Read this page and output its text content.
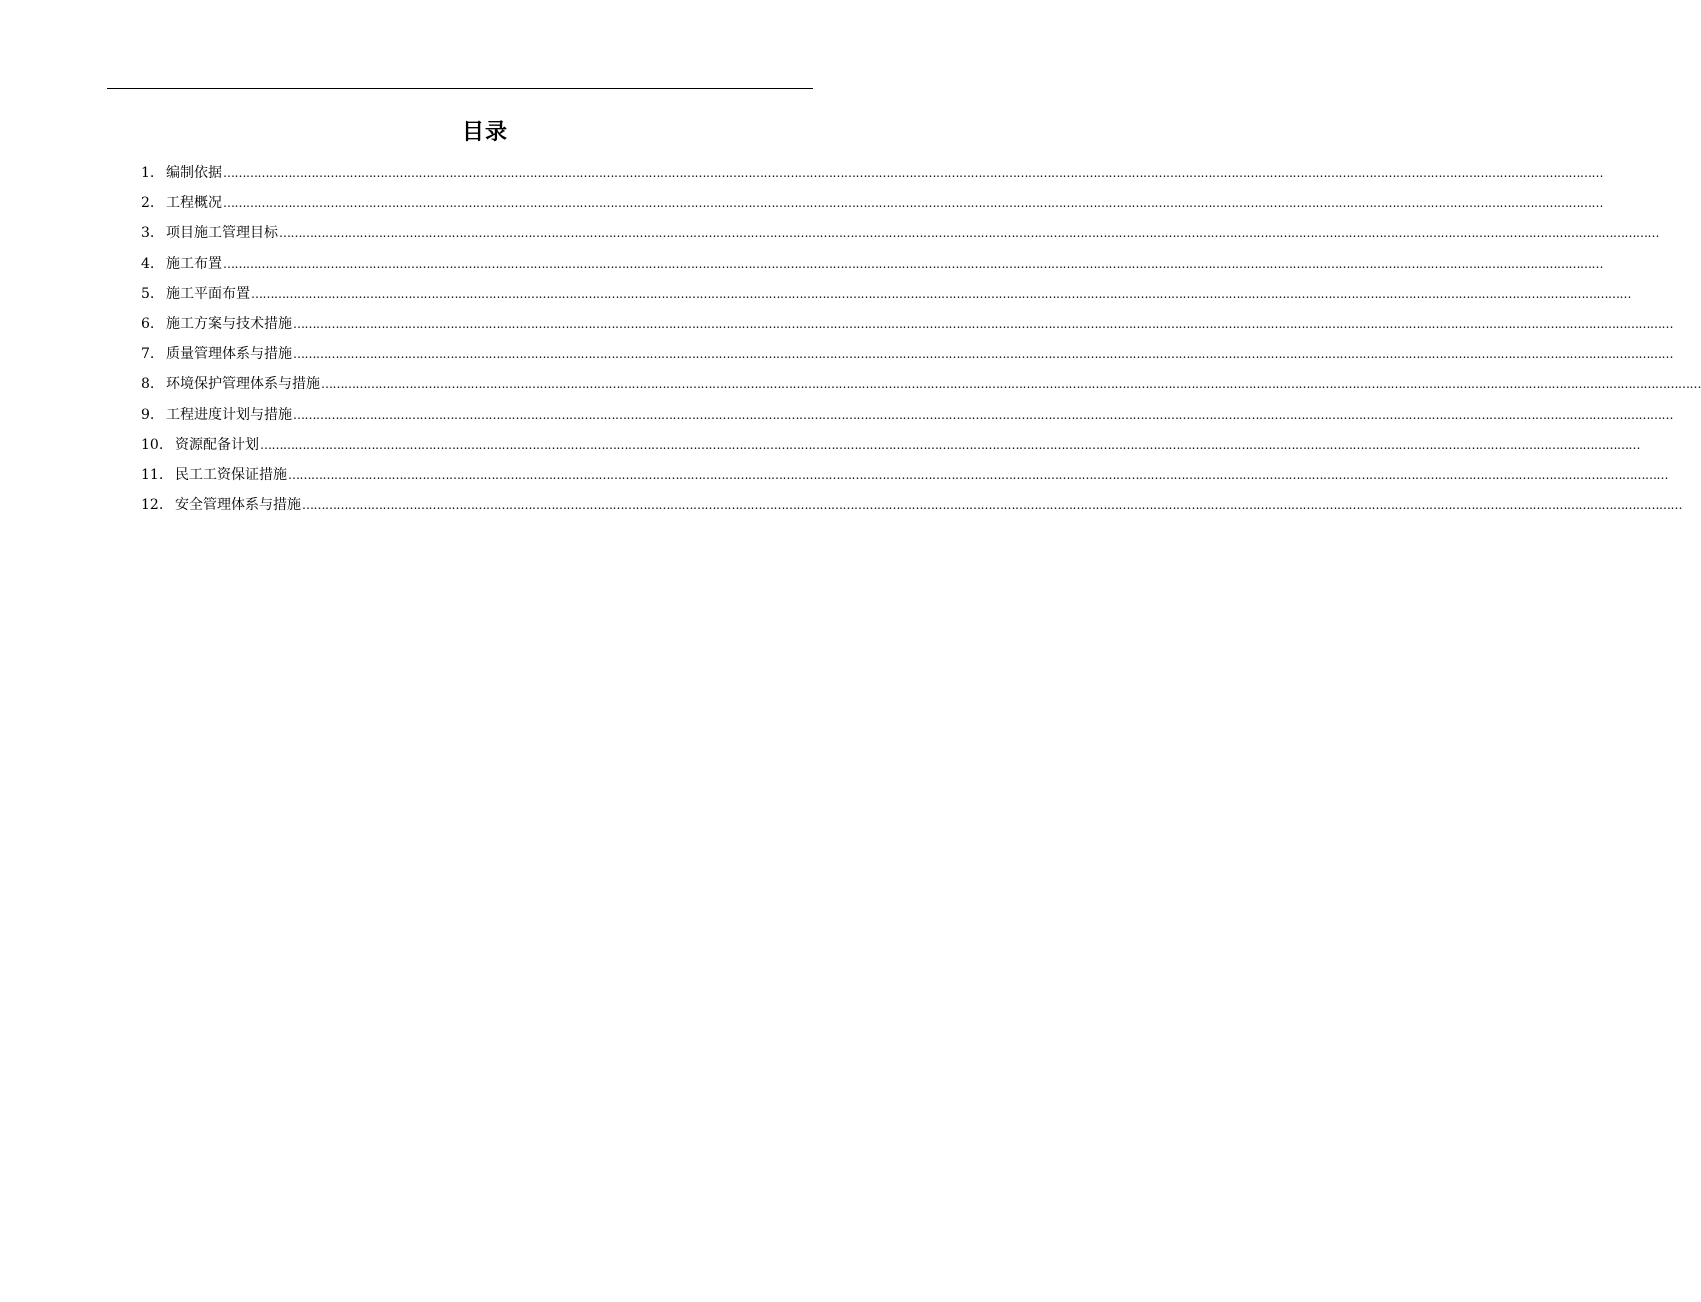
目录
1. 编制依据 ………………………………………………………………………………………………………………………………………………………………………………………………………………………………………………………………………………………………………………………………
2. 工程概况 ………………………………………………………………………………………………………………………………………………………………………………………………………………………………………………………………………………………………………………………………
3. 项目施工管理目标 ………………………………………………………………………………………………………………………………………………………………………………………………………………………………………………………………………………………………………………………………
4. 施工布置 ………………………………………………………………………………………………………………………………………………………………………………………………………………………………………………………………………………………………………………………………
5. 施工平面布置 ………………………………………………………………………………………………………………………………………………………………………………………………………………………………………………………………………………………………………………………………
6. 施工方案与技术措施 ………………………………………………………………………………………………………………………………………………………………………………………………………………………………………………………………………………………………………………………………
7. 质量管理体系与措施 ………………………………………………………………………………………………………………………………………………………………………………………………………………………………………………………………………………………………………………………………
8. 环境保护管理体系与措施 ………………………………………………………………………………………………………………………………………………………………………………………………………………………………………………………………………………………………………………………………
9. 工程进度计划与措施 ………………………………………………………………………………………………………………………………………………………………………………………………………………………………………………………………………………………………………………………………
10. 资源配备计划 ………………………………………………………………………………………………………………………………………………………………………………………………………………………………………………………………………………………………………………………………
11. 民工工资保证措施 ………………………………………………………………………………………………………………………………………………………………………………………………………………………………………………………………………………………………………………………………
12. 安全管理体系与措施 ………………………………………………………………………………………………………………………………………………………………………………………………………………………………………………………………………………………………………………………………
